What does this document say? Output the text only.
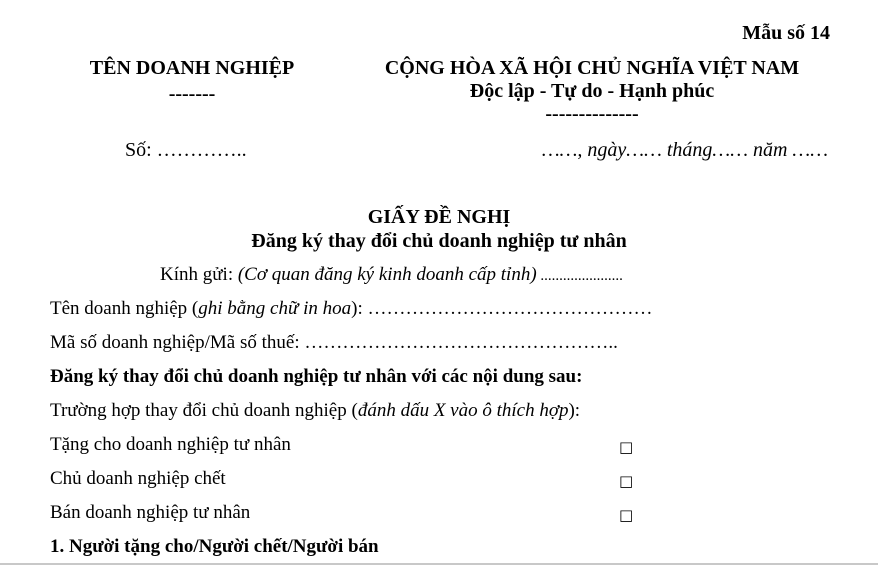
Mẫu số 14
TÊN DOANH NGHIỆP
-------
CỘNG HÒA XÃ HỘI CHỦ NGHĨA VIỆT NAM
Độc lập - Tự do - Hạnh phúc
--------------
Số: …………..	……, ngày…… tháng…… năm ……
GIẤY ĐỀ NGHỊ
Đăng ký thay đổi chủ doanh nghiệp tư nhân
Kính gửi: (Cơ quan đăng ký kinh doanh cấp tỉnh) ......................
Tên doanh nghiệp (ghi bằng chữ in hoa): ………………………………………
Mã số doanh nghiệp/Mã số thuế: …………………………………………..
Đăng ký thay đổi chủ doanh nghiệp tư nhân với các nội dung sau:
Trường hợp thay đổi chủ doanh nghiệp (đánh dấu X vào ô thích hợp):
Tặng cho doanh nghiệp tư nhân	□
Chủ doanh nghiệp chết	□
Bán doanh nghiệp tư nhân	□
1. Người tặng cho/Người chết/Người bán
